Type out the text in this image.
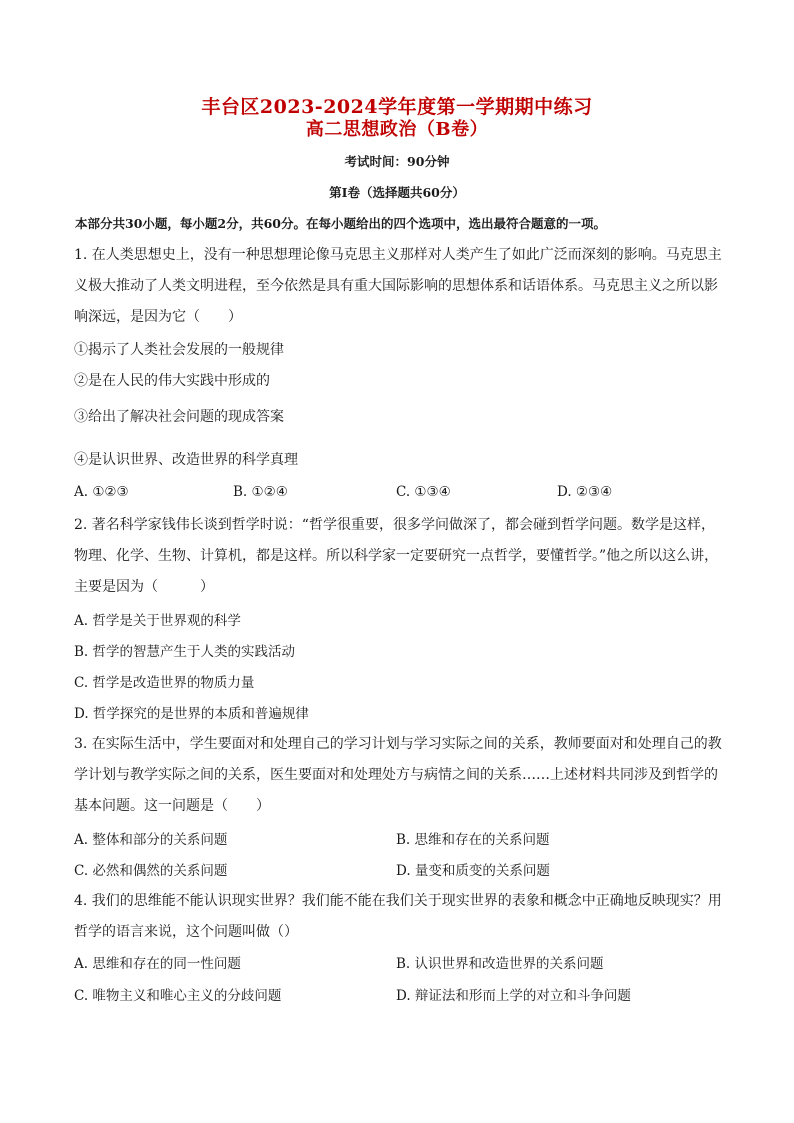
丰台区2023-2024学年度第一学期期中练习
高二思想政治（B卷）
考试时间：90分钟
第Ⅰ卷（选择题共60分）
本部分共30小题，每小题2分，共60分。在每小题给出的四个选项中，选出最符合题意的一项。
1. 在人类思想史上，没有一种思想理论像马克思主义那样对人类产生了如此广泛而深刻的影响。马克思主
义极大推动了人类文明进程，至今依然是具有重大国际影响的思想体系和话语体系。马克思主义之所以影
响深远，是因为它（　　）
①揭示了人类社会发展的一般规律
②是在人民的伟大实践中形成的
③给出了解决社会问题的现成答案
④是认识世界、改造世界的科学真理
A. ①②③	B. ①②④	C. ①③④	D. ②③④
2. 著名科学家钱伟长谈到哲学时说：“哲学很重要，很多学问做深了，都会碰到哲学问题。数学是这样，
物理、化学、生物、计算机，都是这样。所以科学家一定要研究一点哲学，要懂哲学。”他之所以这么讲，
主要是因为（　　　）
A. 哲学是关于世界观的科学
B. 哲学的智慧产生于人类的实践活动
C. 哲学是改造世界的物质力量
D. 哲学探究的是世界的本质和普遍规律
3. 在实际生活中，学生要面对和处理自己的学习计划与学习实际之间的关系，教师要面对和处理自己的教
学计划与教学实际之间的关系，医生要面对和处理处方与病情之间的关系……上述材料共同涉及到哲学的
基本问题。这一问题是（　　）
A. 整体和部分的关系问题	B. 思维和存在的关系问题
C. 必然和偶然的关系问题	D. 量变和质变的关系问题
4. 我们的思维能不能认识现实世界？我们能不能在我们关于现实世界的表象和概念中正确地反映现实？用
哲学的语言来说，这个问题叫做（）
A. 思维和存在的同一性问题	B. 认识世界和改造世界的关系问题
C. 唯物主义和唯心主义的分歧问题	D. 辩证法和形而上学的对立和斗争问题
